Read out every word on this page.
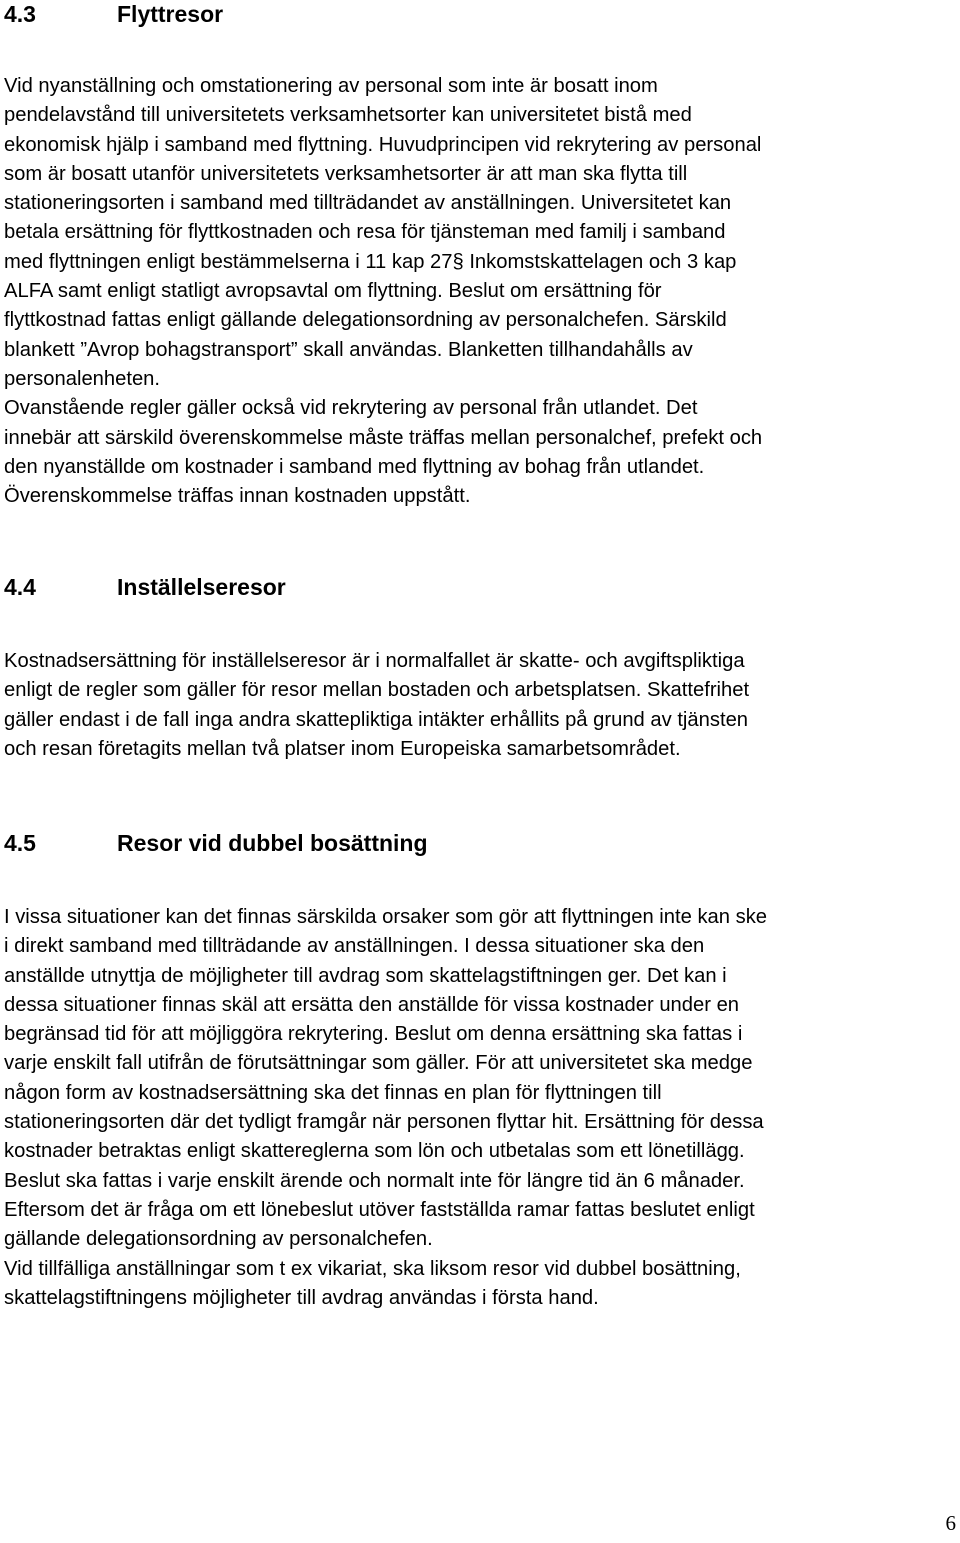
4.3	Flyttresor
Vid nyanställning och omstationering av personal som inte är bosatt inom
pendelavstånd till universitetets verksamhetsorter kan universitetet bistå med
ekonomisk hjälp i samband med flyttning. Huvudprincipen vid rekrytering av personal
som är bosatt utanför universitetets verksamhetsorter är att man ska flytta till
stationeringsorten i samband med tillträdandet av anställningen. Universitetet kan
betala ersättning för flyttkostnaden och resa för tjänsteman med familj i samband
med flyttningen enligt bestämmelserna i 11 kap 27§ Inkomstskattelagen och 3 kap
ALFA samt enligt statligt avropsavtal om flyttning. Beslut om ersättning för
flyttkostnad fattas enligt gällande delegationsordning av personalchefen. Särskild
blankett ”Avrop bohagstransport” skall användas. Blanketten tillhandahålls av
personalenheten.
Ovanstående regler gäller också vid rekrytering av personal från utlandet. Det
innebär att särskild överenskommelse måste träffas mellan personalchef, prefekt och
den nyanställde om kostnader i samband med flyttning av bohag från utlandet.
Överenskommelse träffas innan kostnaden uppstått.
4.4	Inställelseresor
Kostnadsersättning för inställelseresor är i normalfallet är skatte- och avgiftspliktiga
enligt de regler som gäller för resor mellan bostaden och arbetsplatsen. Skattefrihet
gäller endast i de fall inga andra skattepliktiga intäkter erhållits på grund av tjänsten
och resan företagits mellan två platser inom Europeiska samarbetsområdet.
4.5	Resor vid dubbel bosättning
I vissa situationer kan det finnas särskilda orsaker som gör att flyttningen inte kan ske
i direkt samband med tillträdande av anställningen. I dessa situationer ska den
anställde utnyttja de möjligheter till avdrag som skattelagstiftningen ger. Det kan i
dessa situationer finnas skäl att ersätta den anställde för vissa kostnader under en
begränsad tid för att möjliggöra rekrytering. Beslut om denna ersättning ska fattas i
varje enskilt fall utifrån de förutsättningar som gäller. För att universitetet ska medge
någon form av kostnadsersättning ska det finnas en plan för flyttningen till
stationeringsorten där det tydligt framgår när personen flyttar hit. Ersättning för dessa
kostnader betraktas enligt skattereglerna som lön och utbetalas som ett lönetillägg.
Beslut ska fattas i varje enskilt ärende och normalt inte för längre tid än 6 månader.
Eftersom det är fråga om ett lönebeslut utöver fastställda ramar fattas beslutet enligt
gällande delegationsordning av personalchefen.
Vid tillfälliga anställningar som t ex vikariat, ska liksom resor vid dubbel bosättning,
skattelagstiftningens möjligheter till avdrag användas i första hand.
6
